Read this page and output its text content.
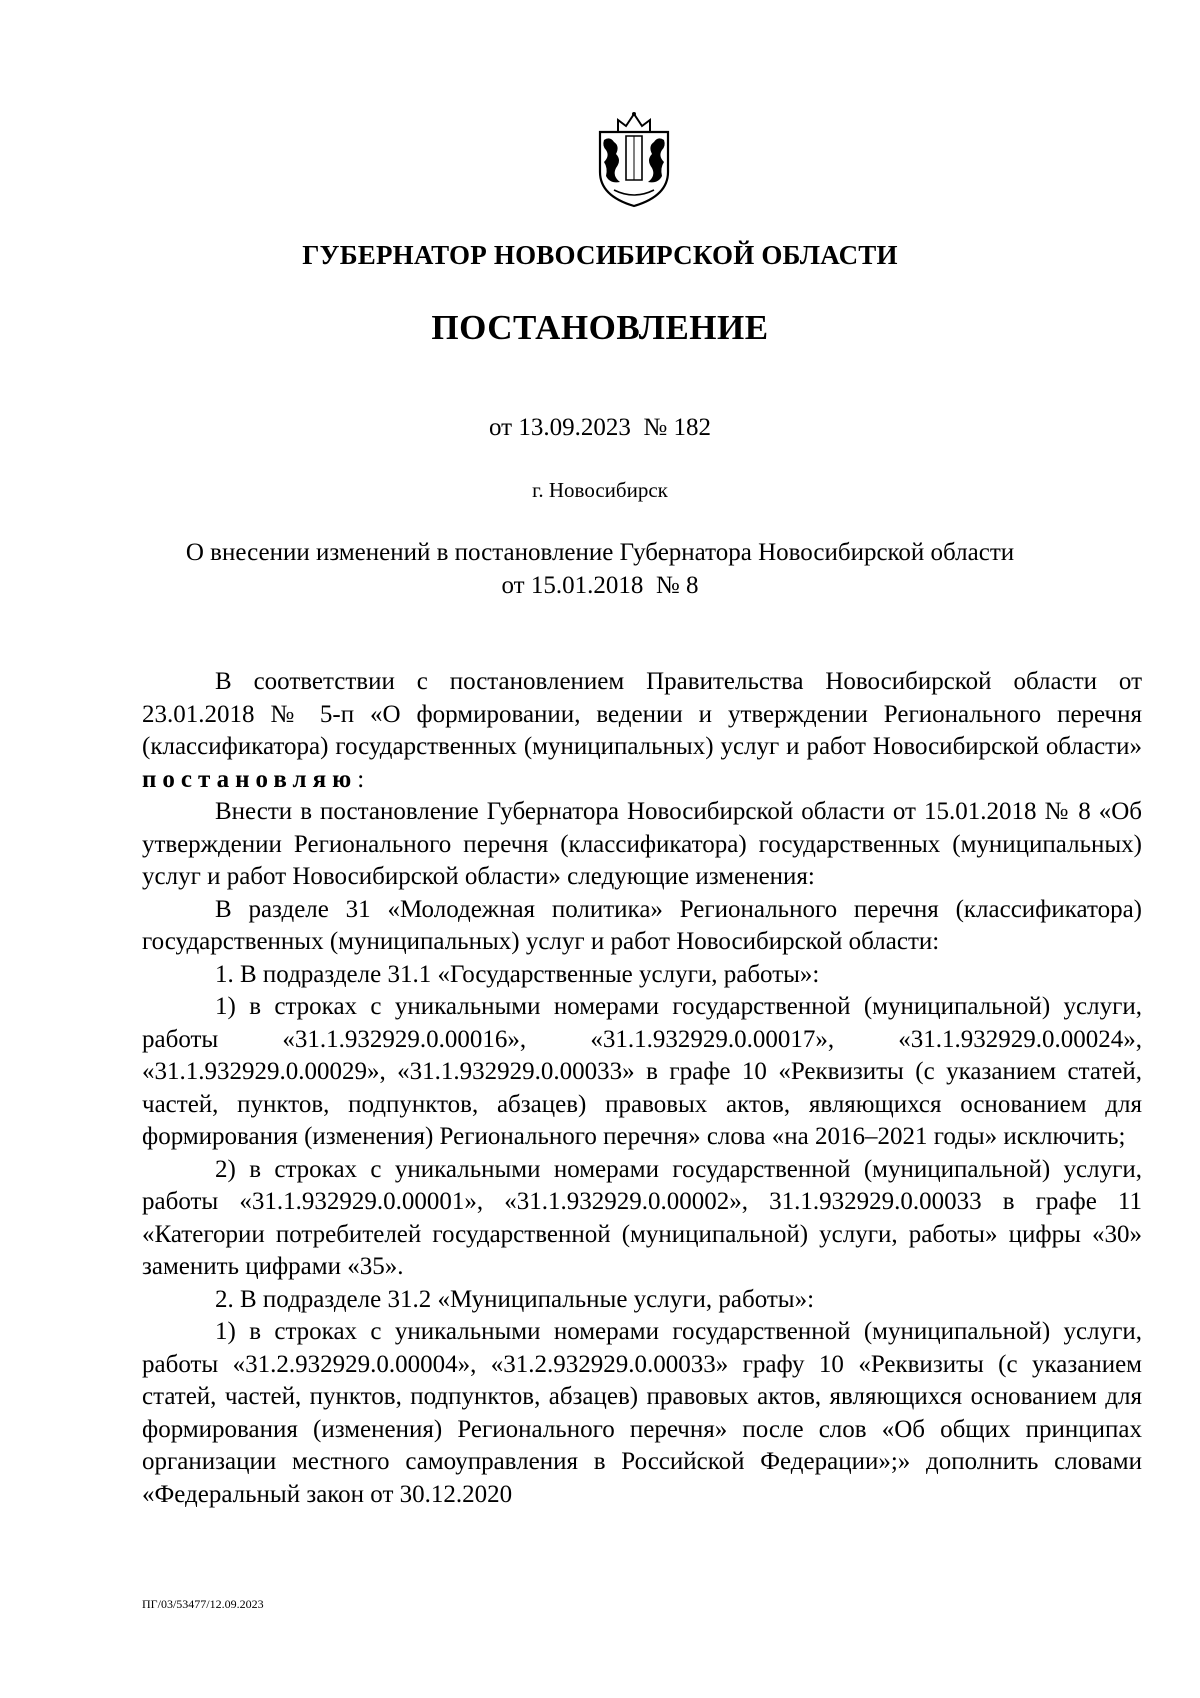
ГУБЕРНАТОР НОВОСИБИРСКОЙ ОБЛАСТИ
ПОСТАНОВЛЕНИЕ
от 13.09.2023  № 182
г. Новосибирск
О внесении изменений в постановление Губернатора Новосибирской области
от 15.01.2018  № 8

В соответствии с постановлением Правительства Новосибирской области от 23.01.2018 № 5-п «О формировании, ведении и утверждении Регионального перечня (классификатора) государственных (муниципальных) услуг и работ Новосибирской области» постановляю:

Внести в постановление Губернатора Новосибирской области от 15.01.2018 № 8 «Об утверждении Регионального перечня (классификатора) государственных (муниципальных) услуг и работ Новосибирской области» следующие изменения:

В разделе 31 «Молодежная политика» Регионального перечня (классификатора) государственных (муниципальных) услуг и работ Новосибирской области:

1. В подразделе 31.1 «Государственные услуги, работы»:

1) в строках с уникальными номерами государственной (муниципальной) услуги, работы «31.1.932929.0.00016», «31.1.932929.0.00017», «31.1.932929.0.00024», «31.1.932929.0.00029», «31.1.932929.0.00033» в графе 10 «Реквизиты (с указанием статей, частей, пунктов, подпунктов, абзацев) правовых актов, являющихся основанием для формирования (изменения) Регионального перечня» слова «на 2016–2021 годы» исключить;

2) в строках с уникальными номерами государственной (муниципальной) услуги, работы «31.1.932929.0.00001», «31.1.932929.0.00002», 31.1.932929.0.00033 в графе 11 «Категории потребителей государственной (муниципальной) услуги, работы» цифры «30» заменить цифрами «35».

2. В подразделе 31.2 «Муниципальные услуги, работы»:

1) в строках с уникальными номерами государственной (муниципальной) услуги, работы «31.2.932929.0.00004», «31.2.932929.0.00033» графу 10 «Реквизиты (с указанием статей, частей, пунктов, подпунктов, абзацев) правовых актов, являющихся основанием для формирования (изменения) Регионального перечня» после слов «Об общих принципах организации местного самоуправления в Российской Федерации»;» дополнить словами «Федеральный закон от 30.12.2020

ПГ/03/53477/12.09.2023
